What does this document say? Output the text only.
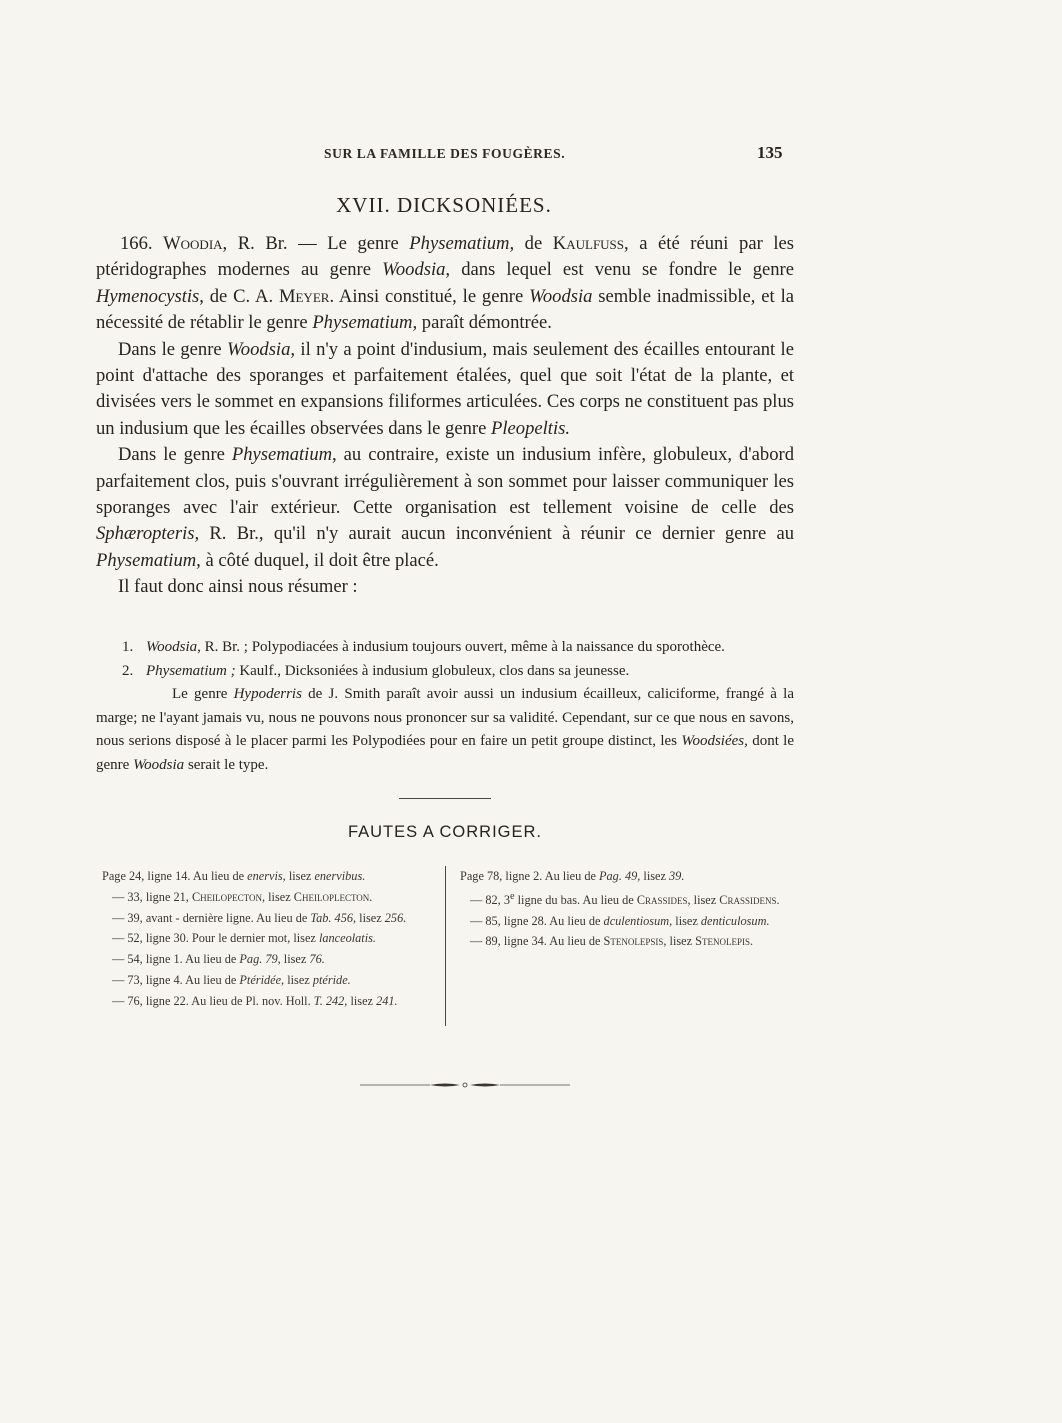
SUR LA FAMILLE DES FOUGÈRES.	135
XVII. DICKSONIÉES.

166. Woodia, R. Br. — Le genre Physematium, de Kaulfuss, a été réuni par les ptéridographes modernes au genre Woodsia, dans lequel est venu se fondre le genre Hymenocystis, de C. A. Meyer. Ainsi constitué, le genre Woodsia semble inadmissible, et la nécessité de rétablir le genre Physematium, paraît démontrée.

Dans le genre Woodsia, il n'y a point d'indusium, mais seulement des écailles entourant le point d'attache des sporanges et parfaitement étalées, quel que soit l'état de la plante, et divisées vers le sommet en expansions filiformes articulées. Ces corps ne constituent pas plus un indusium que les écailles observées dans le genre Pleopeltis.

Dans le genre Physematium, au contraire, existe un indusium infère, globuleux, d'abord parfaitement clos, puis s'ouvrant irrégulièrement à son sommet pour laisser communiquer les sporanges avec l'air extérieur. Cette organisation est tellement voisine de celle des Sphæropteris, R. Br., qu'il n'y aurait aucun inconvénient à réunir ce dernier genre au Physematium, à côté duquel, il doit être placé.

Il faut donc ainsi nous résumer :

1. Woodsia, R. Br. ; Polypodiacées à indusium toujours ouvert, même à la naissance du sporothèce.

2. Physematium ; Kaulf., Dicksoniées à indusium globuleux, clos dans sa jeunesse.

Le genre Hypoderris de J. Smith paraît avoir aussi un indusium écailleux, caliciforme, frangé à la marge; ne l'ayant jamais vu, nous ne pouvons nous prononcer sur sa validité. Cependant, sur ce que nous en savons, nous serions disposé à le placer parmi les Polypodiées pour en faire un petit groupe distinct, les Woodsiées, dont le genre Woodsia serait le type.

FAUTES A CORRIGER.

Page 24, ligne 14. Au lieu de enervis, lisez enervibus.

— 33, ligne 21, Cheilopecton, lisez Cheiloplecton.

— 39, avant - dernière ligne. Au lieu de Tab. 456, lisez 256.

— 52, ligne 30. Pour le dernier mot, lisez lanceolatis.

— 54, ligne 1. Au lieu de Pag. 79, lisez 76.

— 73, ligne 4. Au lieu de Ptéridée, lisez ptéride.

— 76, ligne 22. Au lieu de Pl. nov. Holl. T. 242, lisez 241.

Page 78, ligne 2. Au lieu de Pag. 49, lisez 39.

— 82, 3e ligne du bas. Au lieu de Crassides, lisez Crassidens.

— 85, ligne 28. Au lieu de dculentiosum, lisez denticulosum.

— 89, ligne 34. Au lieu de Stenolepsis, lisez Stenolepis.
